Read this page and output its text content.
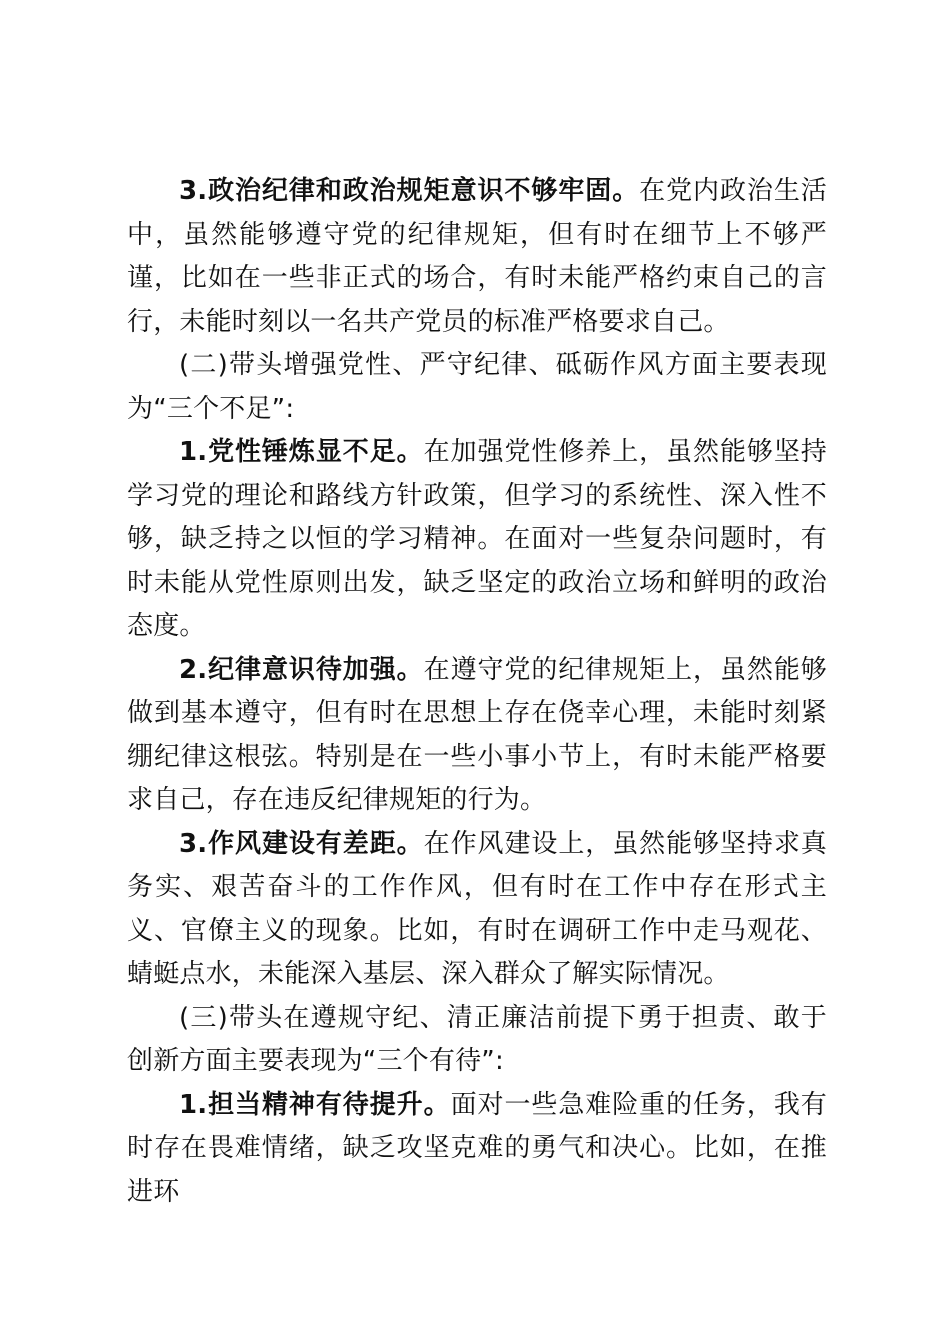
3.政治纪律和政治规矩意识不够牢固。在党内政治生活中，虽然能够遵守党的纪律规矩，但有时在细节上不够严谨，比如在一些非正式的场合，有时未能严格约束自己的言行，未能时刻以一名共产党员的标准严格要求自己。

(二)带头增强党性、严守纪律、砥砺作风方面主要表现为“三个不足”:

1.党性锤炼显不足。在加强党性修养上，虽然能够坚持学习党的理论和路线方针政策，但学习的系统性、深入性不够，缺乏持之以恒的学习精神。在面对一些复杂问题时，有时未能从党性原则出发，缺乏坚定的政治立场和鲜明的政治态度。

2.纪律意识待加强。在遵守党的纪律规矩上，虽然能够做到基本遵守，但有时在思想上存在侥幸心理，未能时刻紧绷纪律这根弦。特别是在一些小事小节上，有时未能严格要求自己，存在违反纪律规矩的行为。

3.作风建设有差距。在作风建设上，虽然能够坚持求真务实、艰苦奋斗的工作作风，但有时在工作中存在形式主义、官僚主义的现象。比如，有时在调研工作中走马观花、蜻蜓点水，未能深入基层、深入群众了解实际情况。

(三)带头在遵规守纪、清正廉洁前提下勇于担责、敢于创新方面主要表现为“三个有待”:

1.担当精神有待提升。面对一些急难险重的任务，我有时存在畏难情绪，缺乏攻坚克难的勇气和决心。比如，在推进环
